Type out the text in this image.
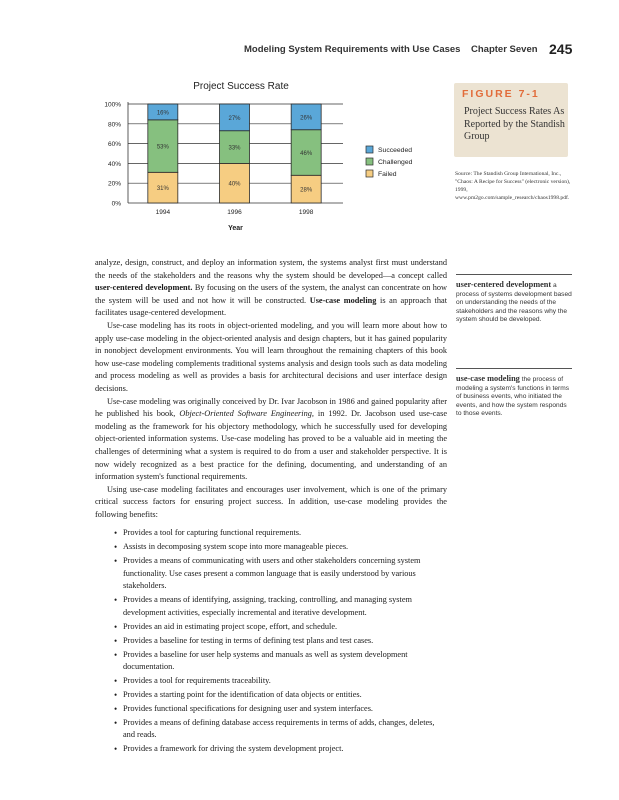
Modeling System Requirements with Use Cases Chapter Seven 245
Project Success Rate
100%
80%
60%
40%
20%
0%
31%
53%
16%
1994
40%
33%
27%
1996
28%
46%
26%
1998
Year
Succeeded
Challenged
Failed
FIGURE 7-1
Project Success Rates As Reported by the Standish Group
Source: The Standish Group International, Inc., "Chaos: A Recipe for Success" (electronic version), 1999, www.pm2go.com/sample_research/chaos1998.pdf.
user-centered development a process of systems development based on understanding the needs of the stakeholders and the reasons why the system should be developed.
use-case modeling the process of modeling a system's functions in terms of business events, who initiated the events, and how the system responds to those events.

analyze, design, construct, and deploy an information system, the systems analyst first must understand the needs of the stakeholders and the reasons why the system should be developed—a concept called user-centered development. By focusing on the users of the system, the analyst can concentrate on how the system will be used and not how it will be constructed. Use-case modeling is an approach that facilitates usage-centered development.

Use-case modeling has its roots in object-oriented modeling, and you will learn more about how to apply use-case modeling in the object-oriented analysis and design chapters, but it has gained popularity in nonobject development environments. You will learn throughout the remaining chapters of this book how use-case modeling complements traditional systems analysis and design tools such as data modeling and process modeling as well as provides a basis for architectural decisions and user interface design decisions.

Use-case modeling was originally conceived by Dr. Ivar Jacobson in 1986 and gained popularity after he published his book, Object-Oriented Software Engineering, in 1992. Dr. Jacobson used use-case modeling as the framework for his objectory methodology, which he successfully used for developing object-oriented information systems. Use-case modeling has proved to be a valuable aid in meeting the challenges of determining what a system is required to do from a user and stakeholder perspective. It is now widely recognized as a best practice for the defining, documenting, and understanding of an information system's functional requirements.

Using use-case modeling facilitates and encourages user involvement, which is one of the primary critical success factors for ensuring project success. In addition, use-case modeling provides the following benefits:

• Provides a tool for capturing functional requirements.
• Assists in decomposing system scope into more manageable pieces.
• Provides a means of communicating with users and other stakeholders concerning system functionality. Use cases present a common language that is easily understood by various stakeholders.
• Provides a means of identifying, assigning, tracking, controlling, and managing system development activities, especially incremental and iterative development.
• Provides an aid in estimating project scope, effort, and schedule.
• Provides a baseline for testing in terms of defining test plans and test cases.
• Provides a baseline for user help systems and manuals as well as system development documentation.
• Provides a tool for requirements traceability.
• Provides a starting point for the identification of data objects or entities.
• Provides functional specifications for designing user and system interfaces.
• Provides a means of defining database access requirements in terms of adds, changes, deletes, and reads.
• Provides a framework for driving the system development project.
